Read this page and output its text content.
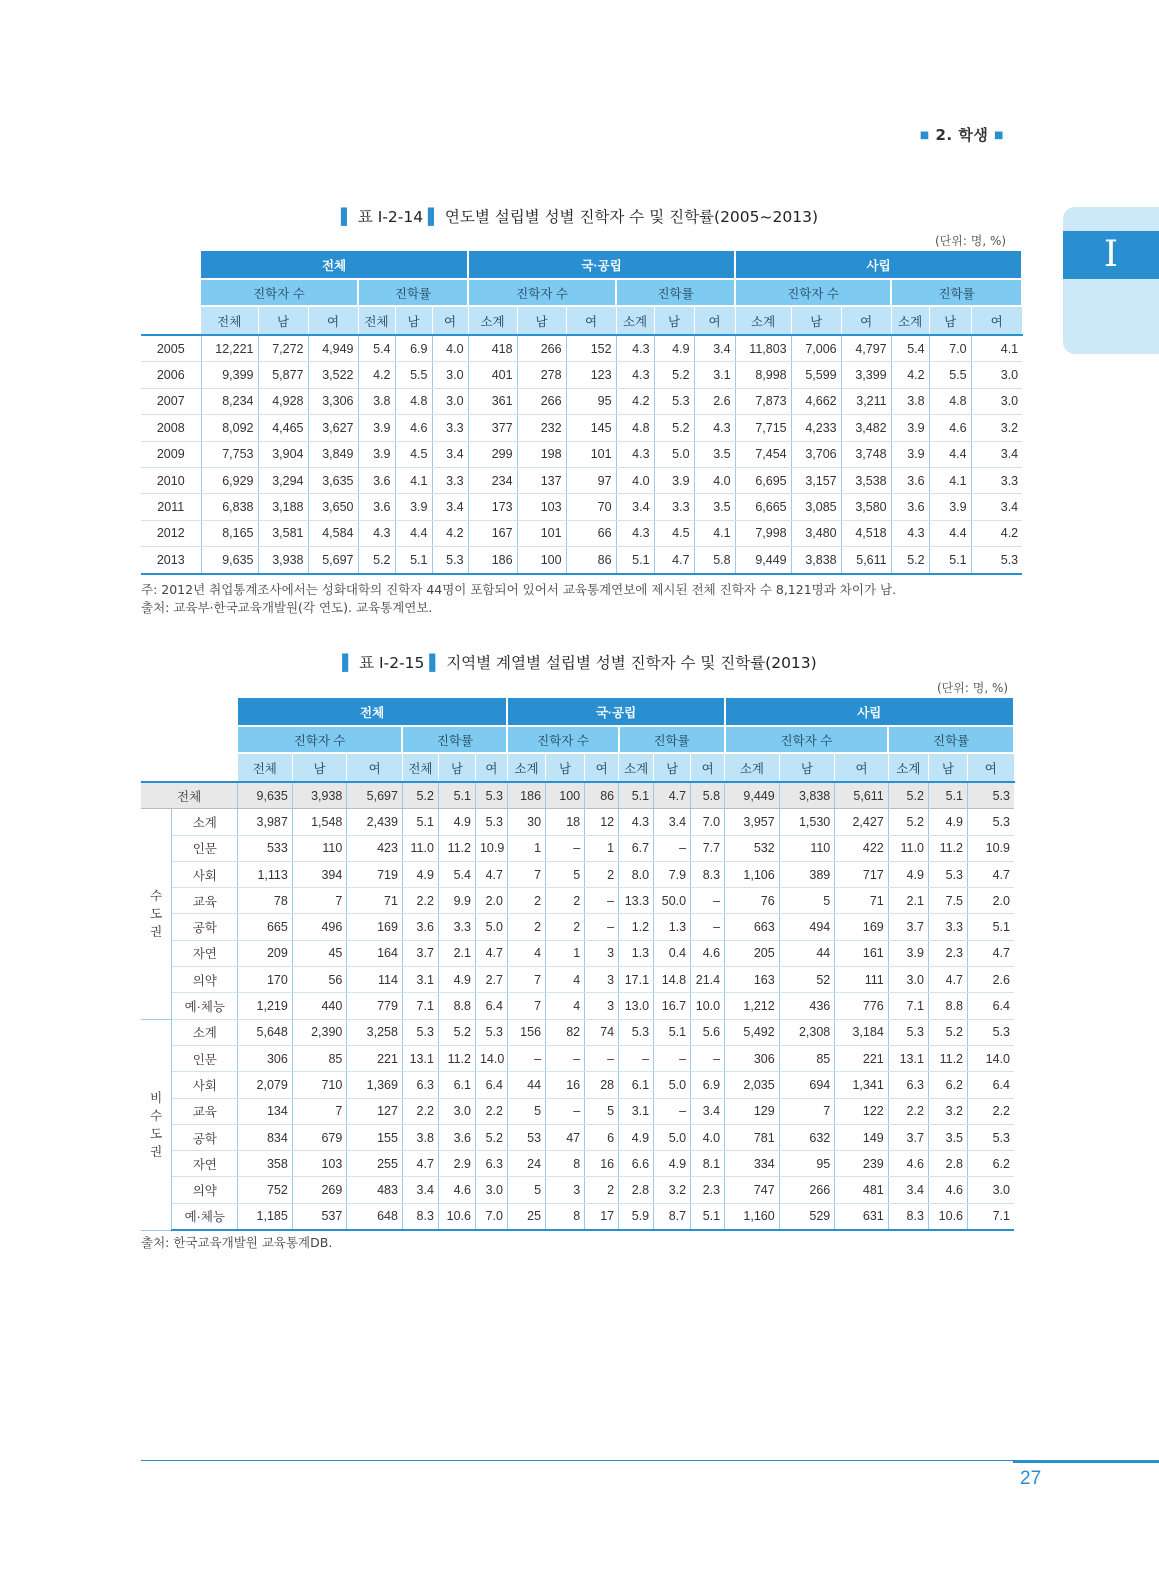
■ 2. 학생 ■
I
▌ 표 Ⅰ-2-14 ▌ 연도별 설립별 성별 진학자 수 및 진학률(2005~2013)
(단위: 명, %)
	전체						국·공립						사립					
	진학자 수			진학률			진학자 수			진학률			진학자 수			진학률		
	전체	남	여	전체	남	여	소계	남	여	소계	남	여	소계	남	여	소계	남	여
2005	12,221	7,272	4,949	5.4	6.9	4.0	418	266	152	4.3	4.9	3.4	11,803	7,006	4,797	5.4	7.0	4.1
2006	9,399	5,877	3,522	4.2	5.5	3.0	401	278	123	4.3	5.2	3.1	8,998	5,599	3,399	4.2	5.5	3.0
2007	8,234	4,928	3,306	3.8	4.8	3.0	361	266	95	4.2	5.3	2.6	7,873	4,662	3,211	3.8	4.8	3.0
2008	8,092	4,465	3,627	3.9	4.6	3.3	377	232	145	4.8	5.2	4.3	7,715	4,233	3,482	3.9	4.6	3.2
2009	7,753	3,904	3,849	3.9	4.5	3.4	299	198	101	4.3	5.0	3.5	7,454	3,706	3,748	3.9	4.4	3.4
2010	6,929	3,294	3,635	3.6	4.1	3.3	234	137	97	4.0	3.9	4.0	6,695	3,157	3,538	3.6	4.1	3.3
2011	6,838	3,188	3,650	3.6	3.9	3.4	173	103	70	3.4	3.3	3.5	6,665	3,085	3,580	3.6	3.9	3.4
2012	8,165	3,581	4,584	4.3	4.4	4.2	167	101	66	4.3	4.5	4.1	7,998	3,480	4,518	4.3	4.4	4.2
2013	9,635	3,938	5,697	5.2	5.1	5.3	186	100	86	5.1	4.7	5.8	9,449	3,838	5,611	5.2	5.1	5.3
주: 2012년 취업통계조사에서는 성화대학의 진학자 44명이 포함되어 있어서 교육통계연보에 제시된 전체 진학자 수 8,121명과 차이가 남.
출처: 교육부·한국교육개발원(각 연도). 교육통계연보.
▌ 표 Ⅰ-2-15 ▌ 지역별 계열별 설립별 성별 진학자 수 및 진학률(2013)
(단위: 명, %)
		전체						국·공립						사립					
		진학자 수			진학률			진학자 수			진학률			진학자 수			진학률		
		전체	남	여	전체	남	여	소계	남	여	소계	남	여	소계	남	여	소계	남	여
전체		9,635	3,938	5,697	5.2	5.1	5.3	186	100	86	5.1	4.7	5.8	9,449	3,838	5,611	5.2	5.1	5.3

수
도
권	소계	3,987	1,548	2,439	5.1	4.9	5.3	30	18	12	4.3	3.4	7.0	3,957	1,530	2,427	5.2	4.9	5.3
	인문	533	110	423	11.0	11.2	10.9	1	–	1	6.7	–	7.7	532	110	422	11.0	11.2	10.9
	사회	1,113	394	719	4.9	5.4	4.7	7	5	2	8.0	7.9	8.3	1,106	389	717	4.9	5.3	4.7
	교육	78	7	71	2.2	9.9	2.0	2	2	–	13.3	50.0	–	76	5	71	2.1	7.5	2.0
	공학	665	496	169	3.6	3.3	5.0	2	2	–	1.2	1.3	–	663	494	169	3.7	3.3	5.1
	자연	209	45	164	3.7	2.1	4.7	4	1	3	1.3	0.4	4.6	205	44	161	3.9	2.3	4.7
	의약	170	56	114	3.1	4.9	2.7	7	4	3	17.1	14.8	21.4	163	52	111	3.0	4.7	2.6
	예·체능	1,219	440	779	7.1	8.8	6.4	7	4	3	13.0	16.7	10.0	1,212	436	776	7.1	8.8	6.4

비
수
도
권	소계	5,648	2,390	3,258	5.3	5.2	5.3	156	82	74	5.3	5.1	5.6	5,492	2,308	3,184	5.3	5.2	5.3
	인문	306	85	221	13.1	11.2	14.0	–	–	–	–	–	–	306	85	221	13.1	11.2	14.0
	사회	2,079	710	1,369	6.3	6.1	6.4	44	16	28	6.1	5.0	6.9	2,035	694	1,341	6.3	6.2	6.4
	교육	134	7	127	2.2	3.0	2.2	5	–	5	3.1	–	3.4	129	7	122	2.2	3.2	2.2
	공학	834	679	155	3.8	3.6	5.2	53	47	6	4.9	5.0	4.0	781	632	149	3.7	3.5	5.3
	자연	358	103	255	4.7	2.9	6.3	24	8	16	6.6	4.9	8.1	334	95	239	4.6	2.8	6.2
	의약	752	269	483	3.4	4.6	3.0	5	3	2	2.8	3.2	2.3	747	266	481	3.4	4.6	3.0
	예·체능	1,185	537	648	8.3	10.6	7.0	25	8	17	5.9	8.7	5.1	1,160	529	631	8.3	10.6	7.1
출처: 한국교육개발원 교육통계DB.
27
